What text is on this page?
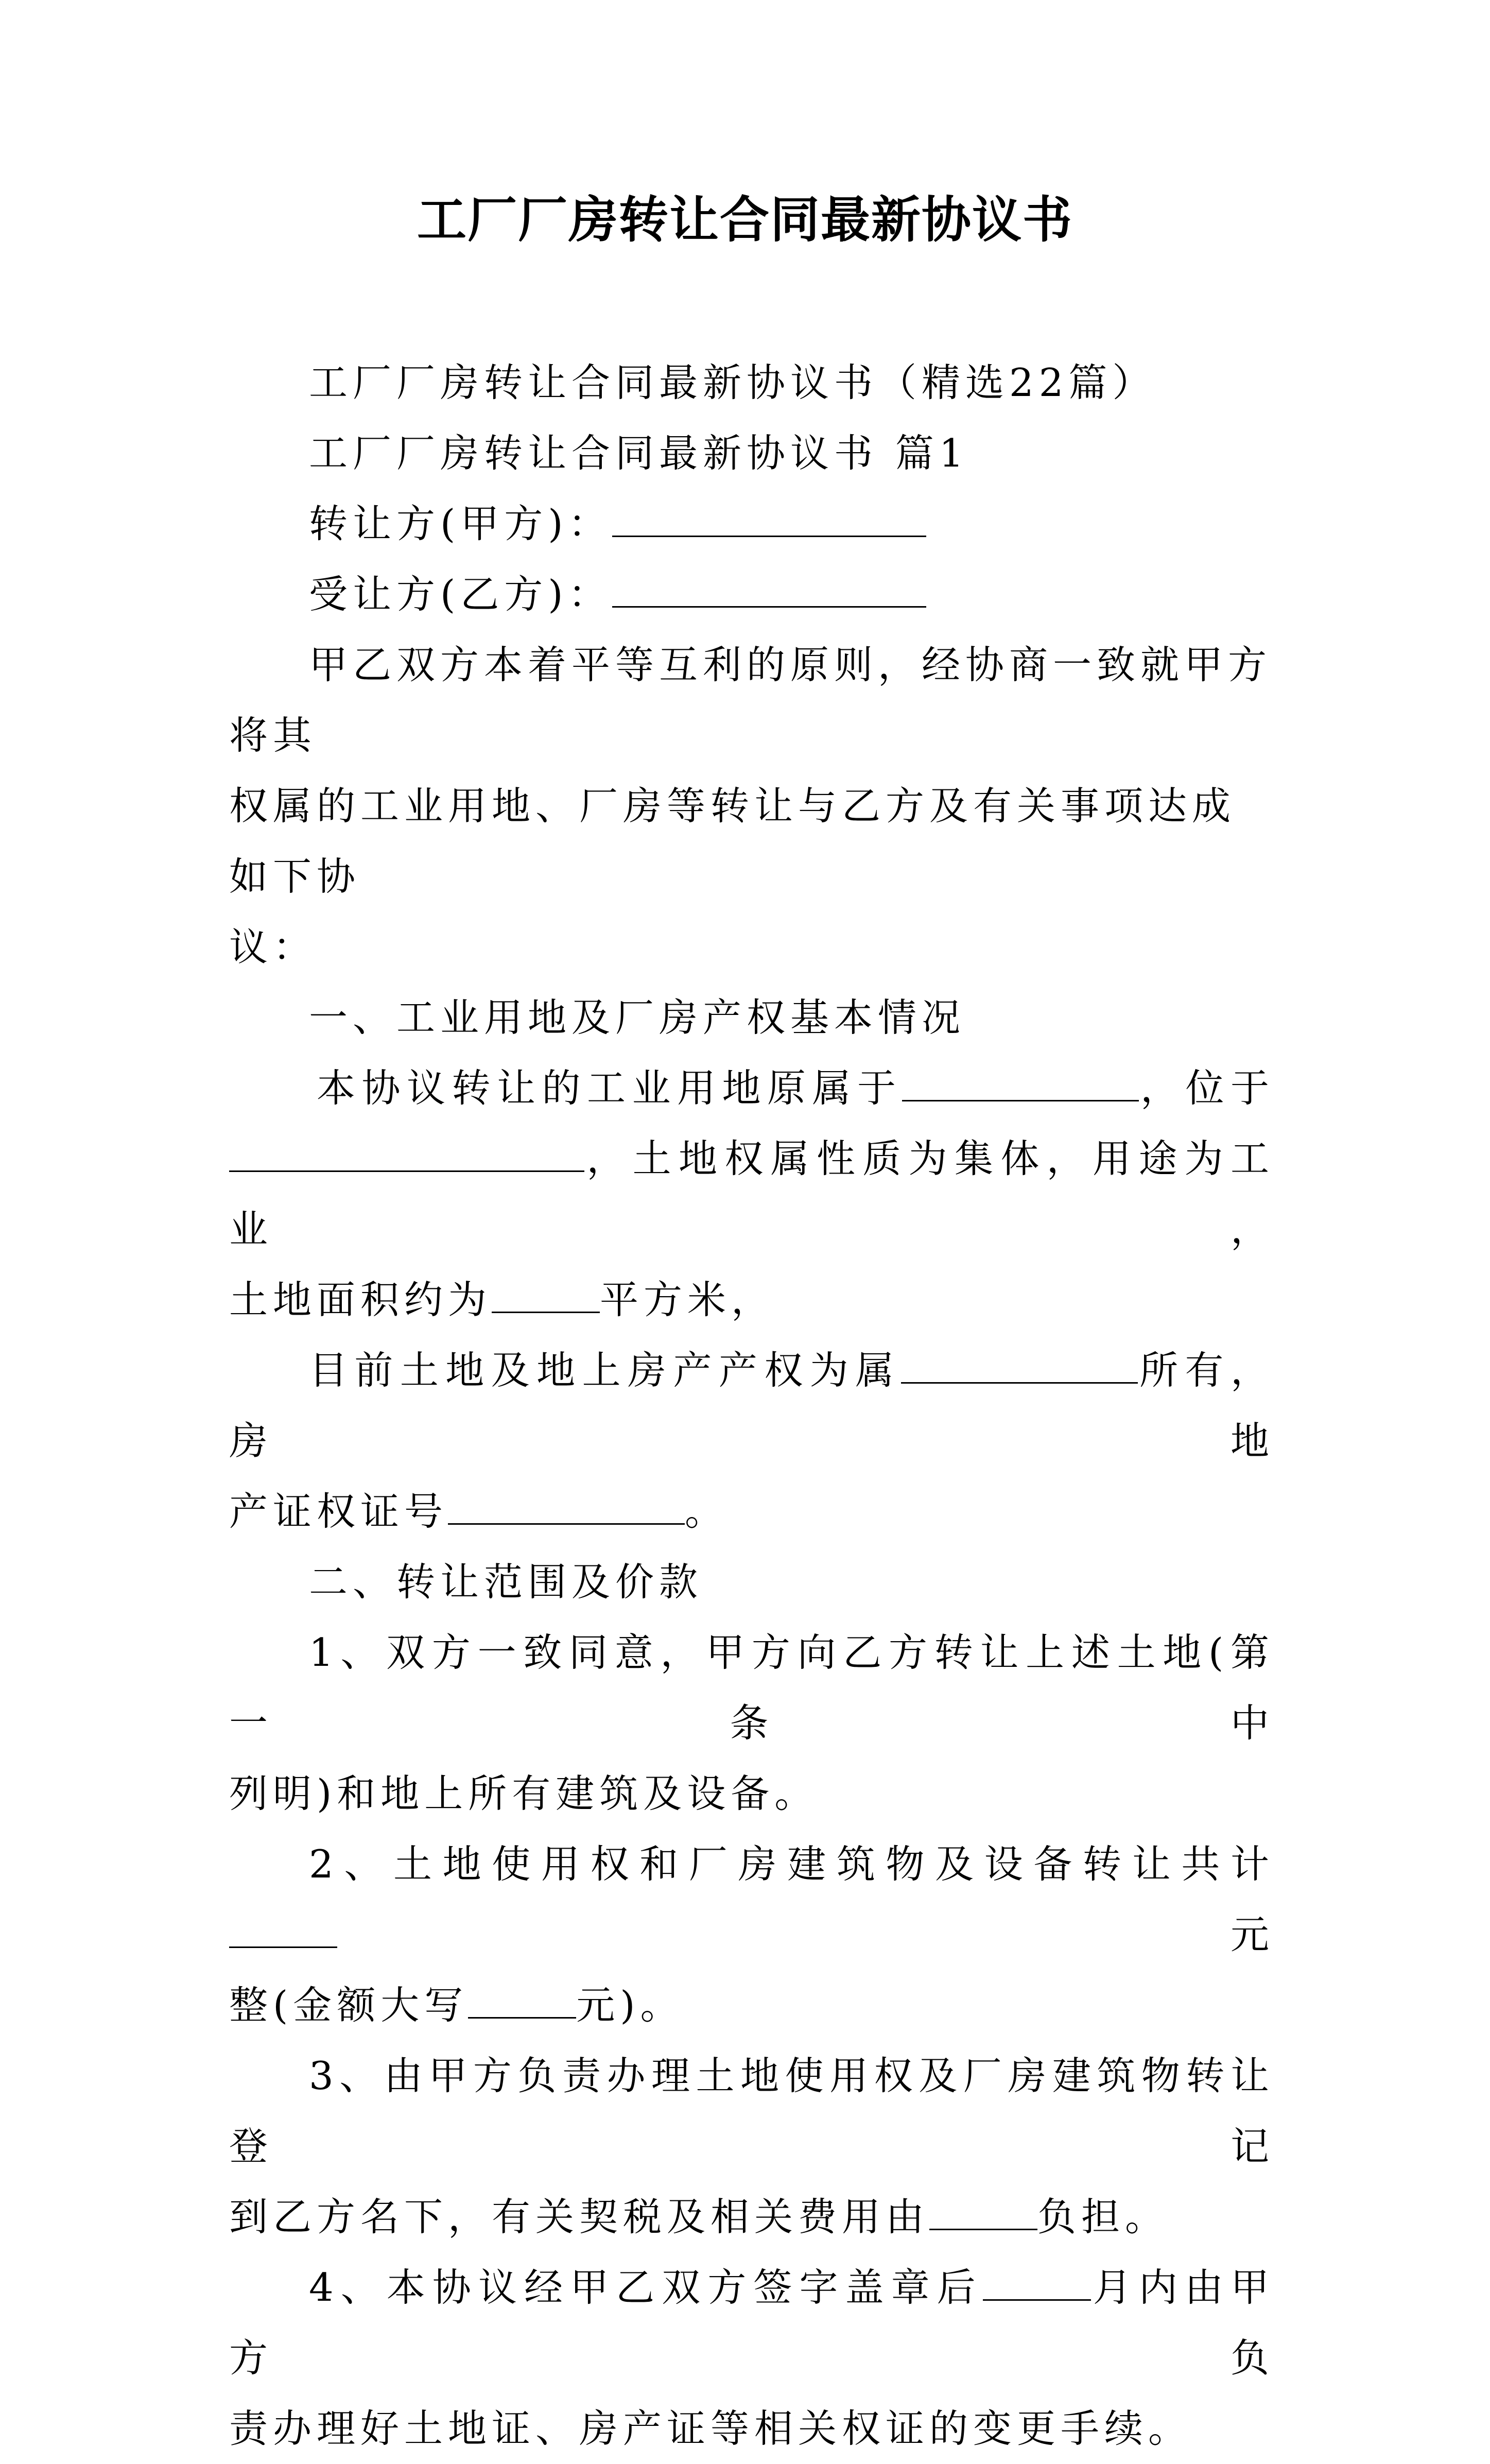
工厂厂房转让合同最新协议书

工厂厂房转让合同最新协议书（精选22篇）

工厂厂房转让合同最新协议书 篇1

转让方(甲方)：

受让方(乙方)：

甲乙双方本着平等互利的原则，经协商一致就甲方将其

权属的工业用地、厂房等转让与乙方及有关事项达成如下协

议：

一、工业用地及厂房产权基本情况

本协议转让的工业用地原属于	，位于

，土地权属性质为集体，用途为工业，

土地面积约为	平方米，

目前土地及地上房产产权为属	所有，房地

产证权证号	。

二、转让范围及价款

1、双方一致同意，甲方向乙方转让上述土地(第一条中

列明)和地上所有建筑及设备。

2、土地使用权和厂房建筑物及设备转让共计元

整(金额大写	元)。

3、由甲方负责办理土地使用权及厂房建筑物转让登记

到乙方名下，有关契税及相关费用由	负担。

4、本协议经甲乙双方签字盖章后	月内由甲方负

责办理好土地证、房产证等相关权证的变更手续。
